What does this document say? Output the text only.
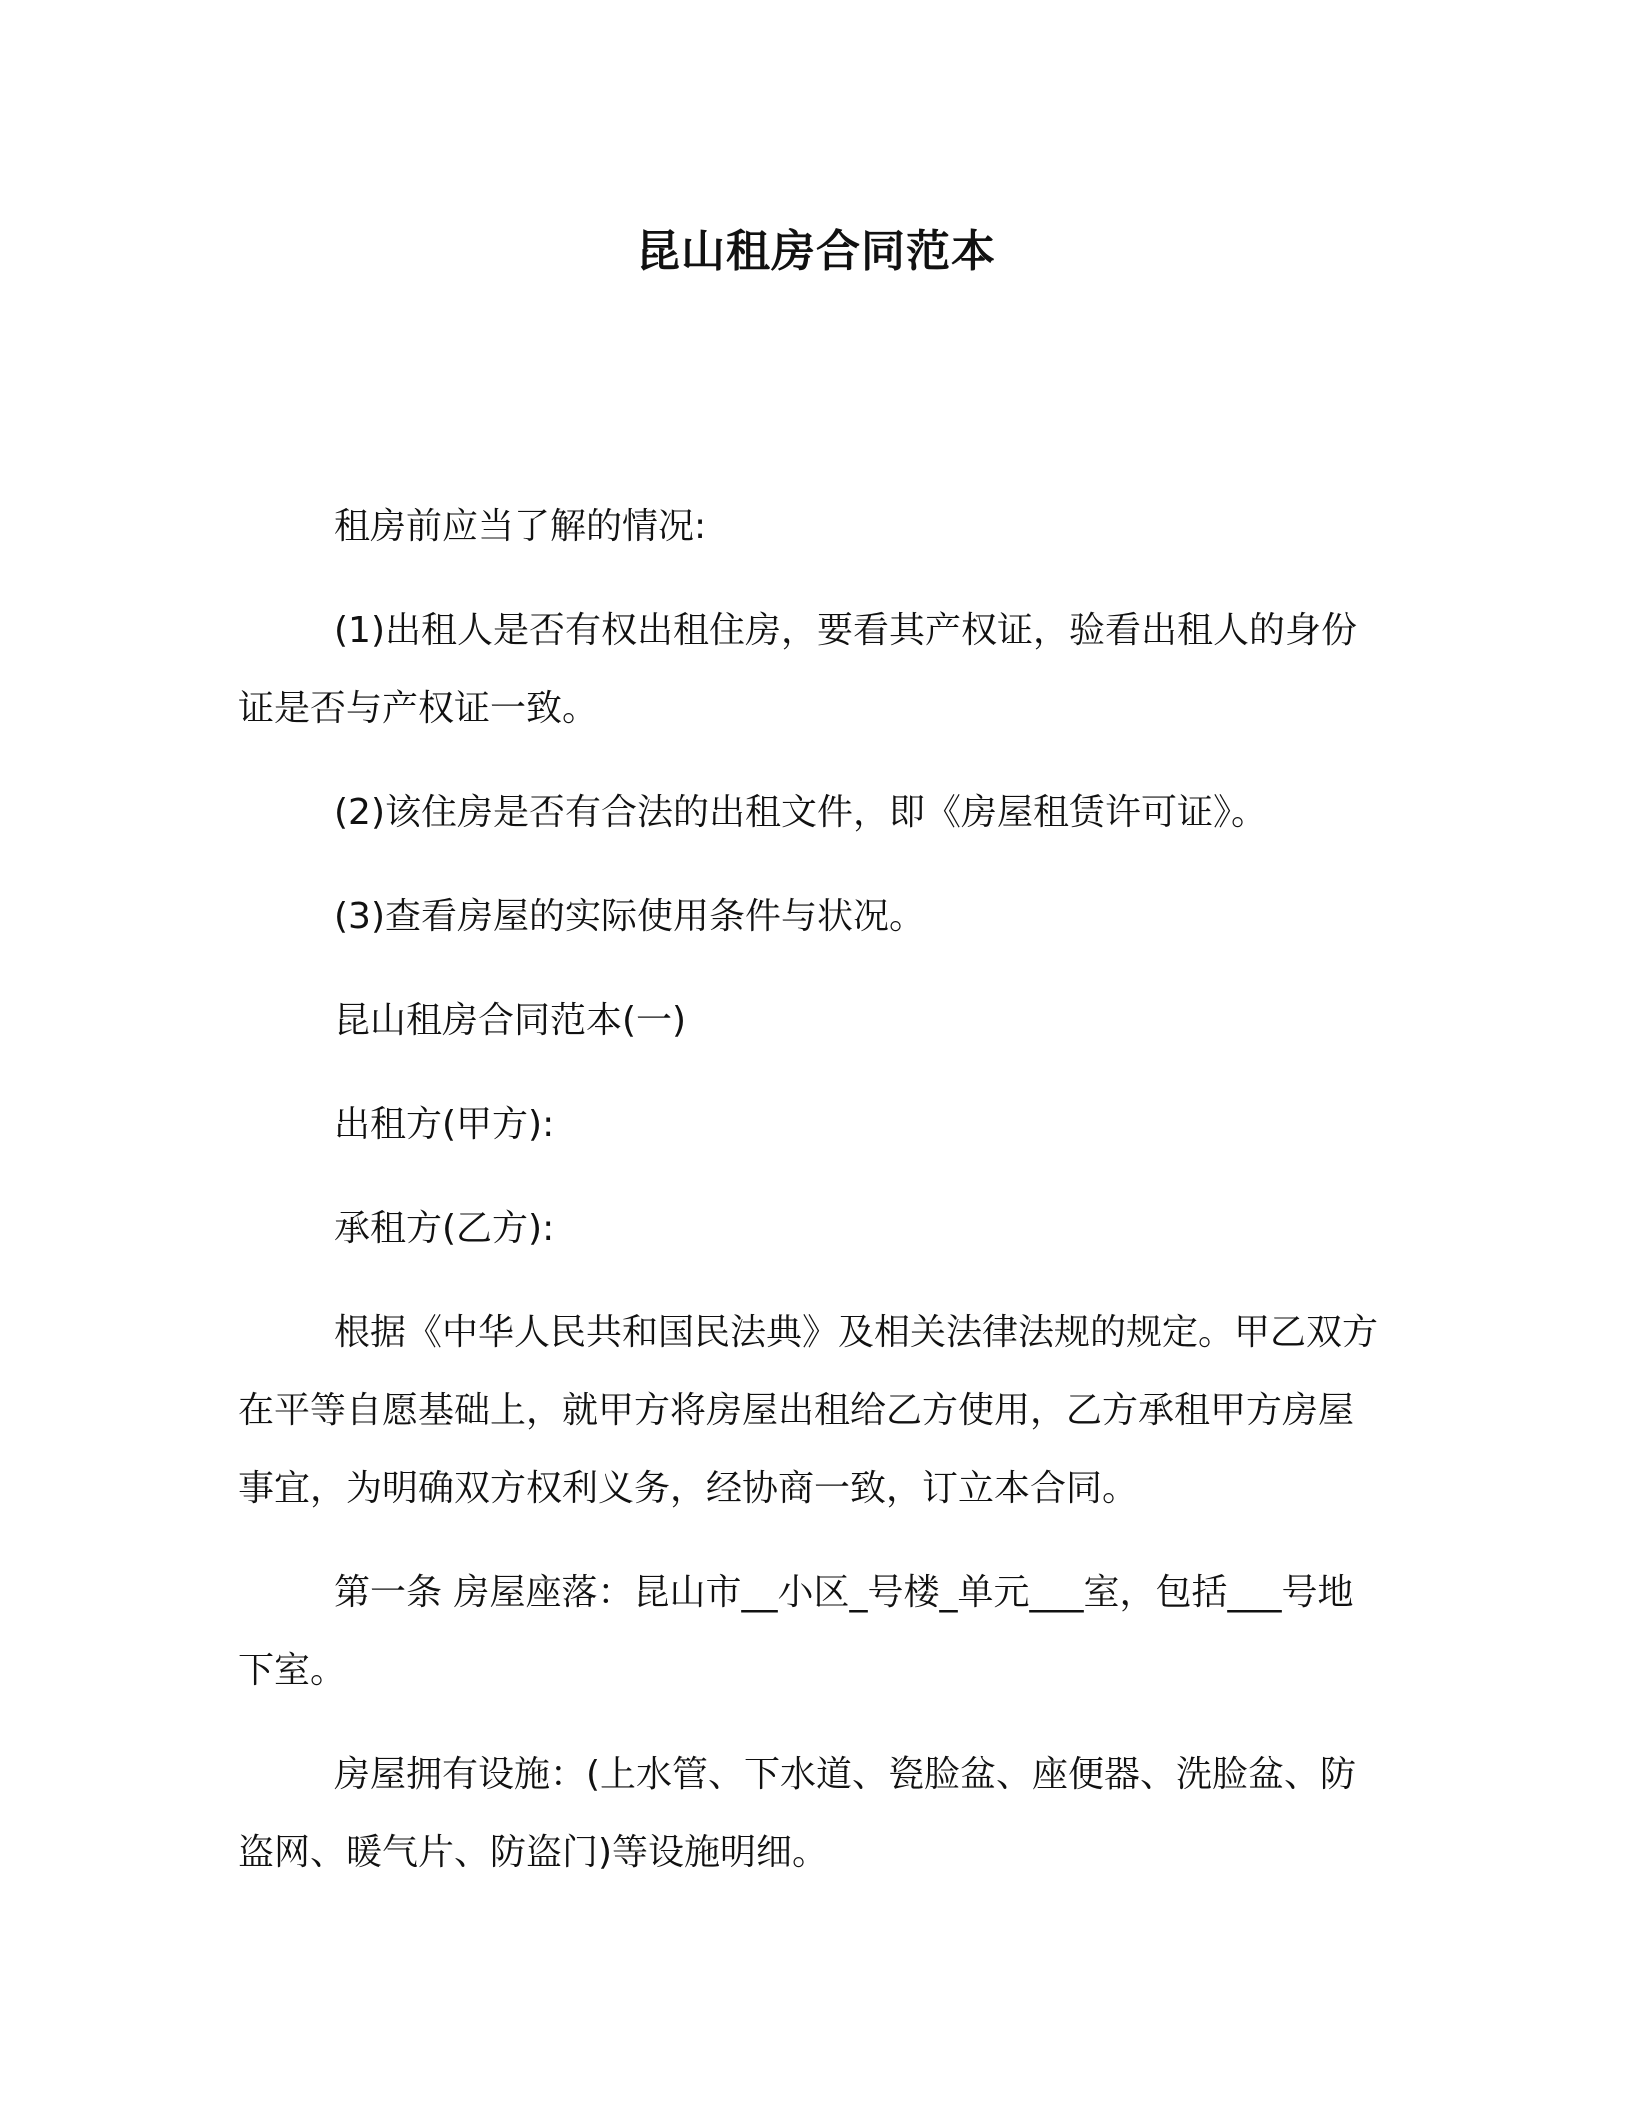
昆山租房合同范本

租房前应当了解的情况:

(1)出租人是否有权出租住房，要看其产权证，验看出租人的身份证是否与产权证一致。

(2)该住房是否有合法的出租文件，即《房屋租赁许可证》。

(3)查看房屋的实际使用条件与状况。

昆山租房合同范本(一)

出租方(甲方):

承租方(乙方):

根据《中华人民共和国民法典》及相关法律法规的规定。甲乙双方在平等自愿基础上，就甲方将房屋出租给乙方使用，乙方承租甲方房屋事宜，为明确双方权利义务，经协商一致，订立本合同。

第一条 房屋座落：昆山市__小区_号楼_单元___室，包括___号地下室。

房屋拥有设施：(上水管、下水道、瓷脸盆、座便器、洗脸盆、防盗网、暖气片、防盗门)等设施明细。
